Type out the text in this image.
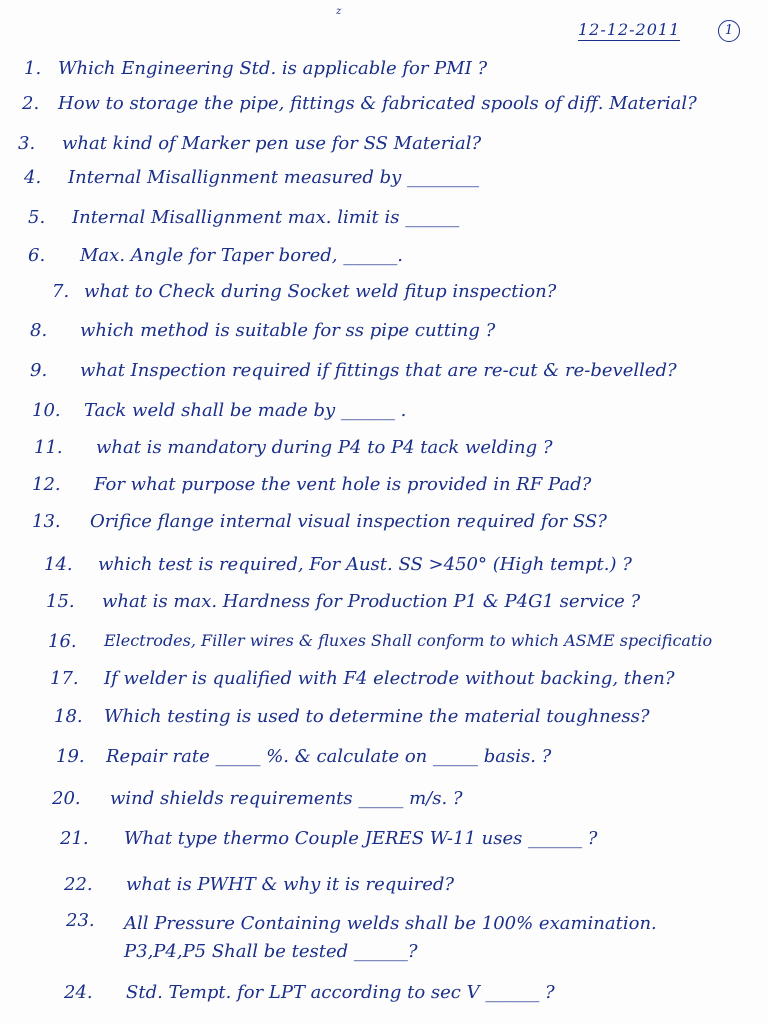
z
12-12-2011	1
1. Which Engineering Std. is applicable for PMI ?
2. How to storage the pipe, fittings & fabricated spools of diff. Material?
3. what kind of Marker pen use for SS Material?
4. Internal Misallignment measured by ________
5. Internal Misallignment max. limit is ______
6. Max. Angle for Taper bored, ______.
7. what to Check during Socket weld fitup inspection?
8. which method is suitable for ss pipe cutting ?
9. what Inspection required if fittings that are re-cut & re-bevelled?
10. Tack weld shall be made by ______ .
11. what is mandatory during P4 to P4 tack welding ?
12. For what purpose the vent hole is provided in RF Pad?
13. Orifice flange internal visual inspection required for SS?
14. which test is required, For Aust. SS >450° (High tempt.) ?
15. what is max. Hardness for Production P1 & P4G1 service ?
16. Electrodes, Filler wires & fluxes Shall conform to which ASME specificatio
17. If welder is qualified with F4 electrode without backing, then?
18. Which testing is used to determine the material toughness?
19. Repair rate _____ %. & calculate on _____ basis. ?
20. wind shields requirements _____ m/s. ?
21. What type thermo Couple JERES W-11 uses ______ ?
22. what is PWHT & why it is required?
23. All Pressure Containing welds shall be 100% examination. P3,P4,P5 Shall be tested ______?
24. Std. Tempt. for LPT according to sec V ______ ?
